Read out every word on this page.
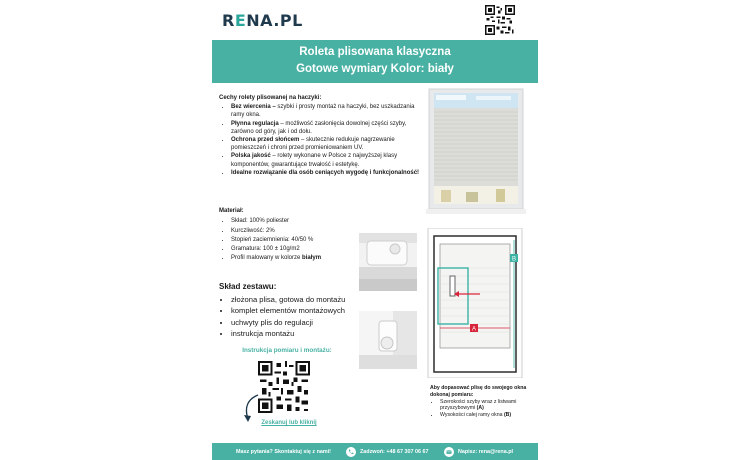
RENA.PL
Roleta plisowana klasyczna
Gotowe wymiary Kolor: biały
Cechy rolety plisowanej na haczyki:
• Bez wiercenia – szybki i prosty montaż na haczyki, bez uszkadzania ramy okna.
• Płynna regulacja – możliwość zasłonięcia dowolnej części szyby, zarówno od góry, jak i od dołu.
• Ochrona przed słońcem – skutecznie redukuje nagrzewanie pomieszczeń i chroni przed promieniowaniem UV.
• Polska jakość – rolety wykonane w Polsce z najwyższej klasy komponentów, gwarantujące trwałość i estetykę.
• Idealne rozwiązanie dla osób ceniących wygodę i funkcjonalność!
Materiał:
• Skład: 100% poliester
• Kurczliwość: 2%
• Stopień zaciemnienia: 40/50 %
• Gramatura: 100 ± 10g/m2
• Profil malowany w kolorze białym
Skład zestawu:
• złożona plisa, gotowa do montażu
• komplet elementów montażowych
• uchwyty plis do regulacji
• instrukcja montażu	A
B
Instrukcja pomiaru i montażu:
Zeskanuj lub kliknij
Aby dopasować plisę do swojego okna dokonaj pomiaru:
• Szerokości szyby wraz z listwami przyszybowymi (A)
• Wysokości całej ramy okna (B)
Masz pytania? Skontaktuj się z nami!	Zadzwoń: +48 67 307 06 67	Napisz: rena@rena.pl
